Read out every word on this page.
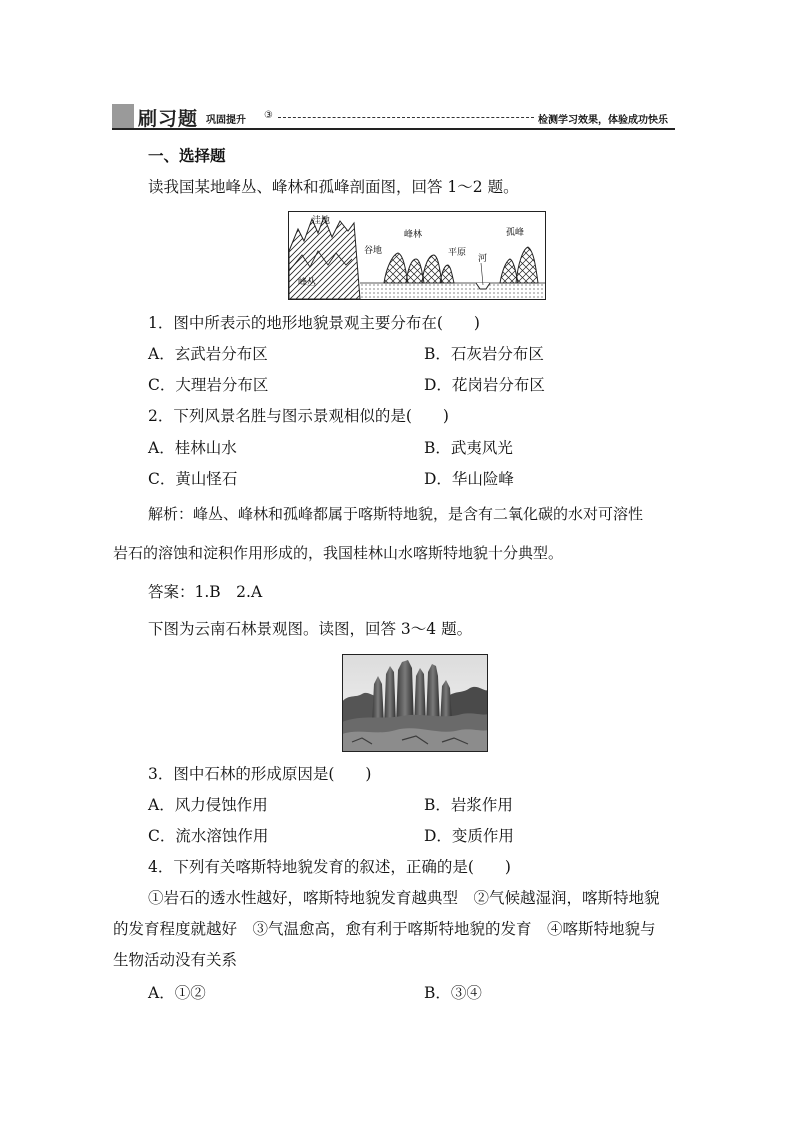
刷习题 巩固提升 ③	检测学习效果，体验成功快乐
一、选择题
读我国某地峰丛、峰林和孤峰剖面图，回答 1～2 题。
洼地
峰丛
谷地
峰林
平原
河
孤峰
1．图中所表示的地形地貌景观主要分布在(　　)
A．玄武岩分布区	B．石灰岩分布区
C．大理岩分布区	D．花岗岩分布区
2．下列风景名胜与图示景观相似的是(　　)
A．桂林山水	B．武夷风光
C．黄山怪石	D．华山险峰
解析：峰丛、峰林和孤峰都属于喀斯特地貌，是含有二氧化碳的水对可溶性
岩石的溶蚀和淀积作用形成的，我国桂林山水喀斯特地貌十分典型。
答案：1.B　2.A
下图为云南石林景观图。读图，回答 3～4 题。
3．图中石林的形成原因是(　　)
A．风力侵蚀作用	B．岩浆作用
C．流水溶蚀作用	D．变质作用
4．下列有关喀斯特地貌发育的叙述，正确的是(　　)
①岩石的透水性越好，喀斯特地貌发育越典型　②气候越湿润，喀斯特地貌
的发育程度就越好　③气温愈高，愈有利于喀斯特地貌的发育　④喀斯特地貌与
生物活动没有关系
A．①②	B．③④
